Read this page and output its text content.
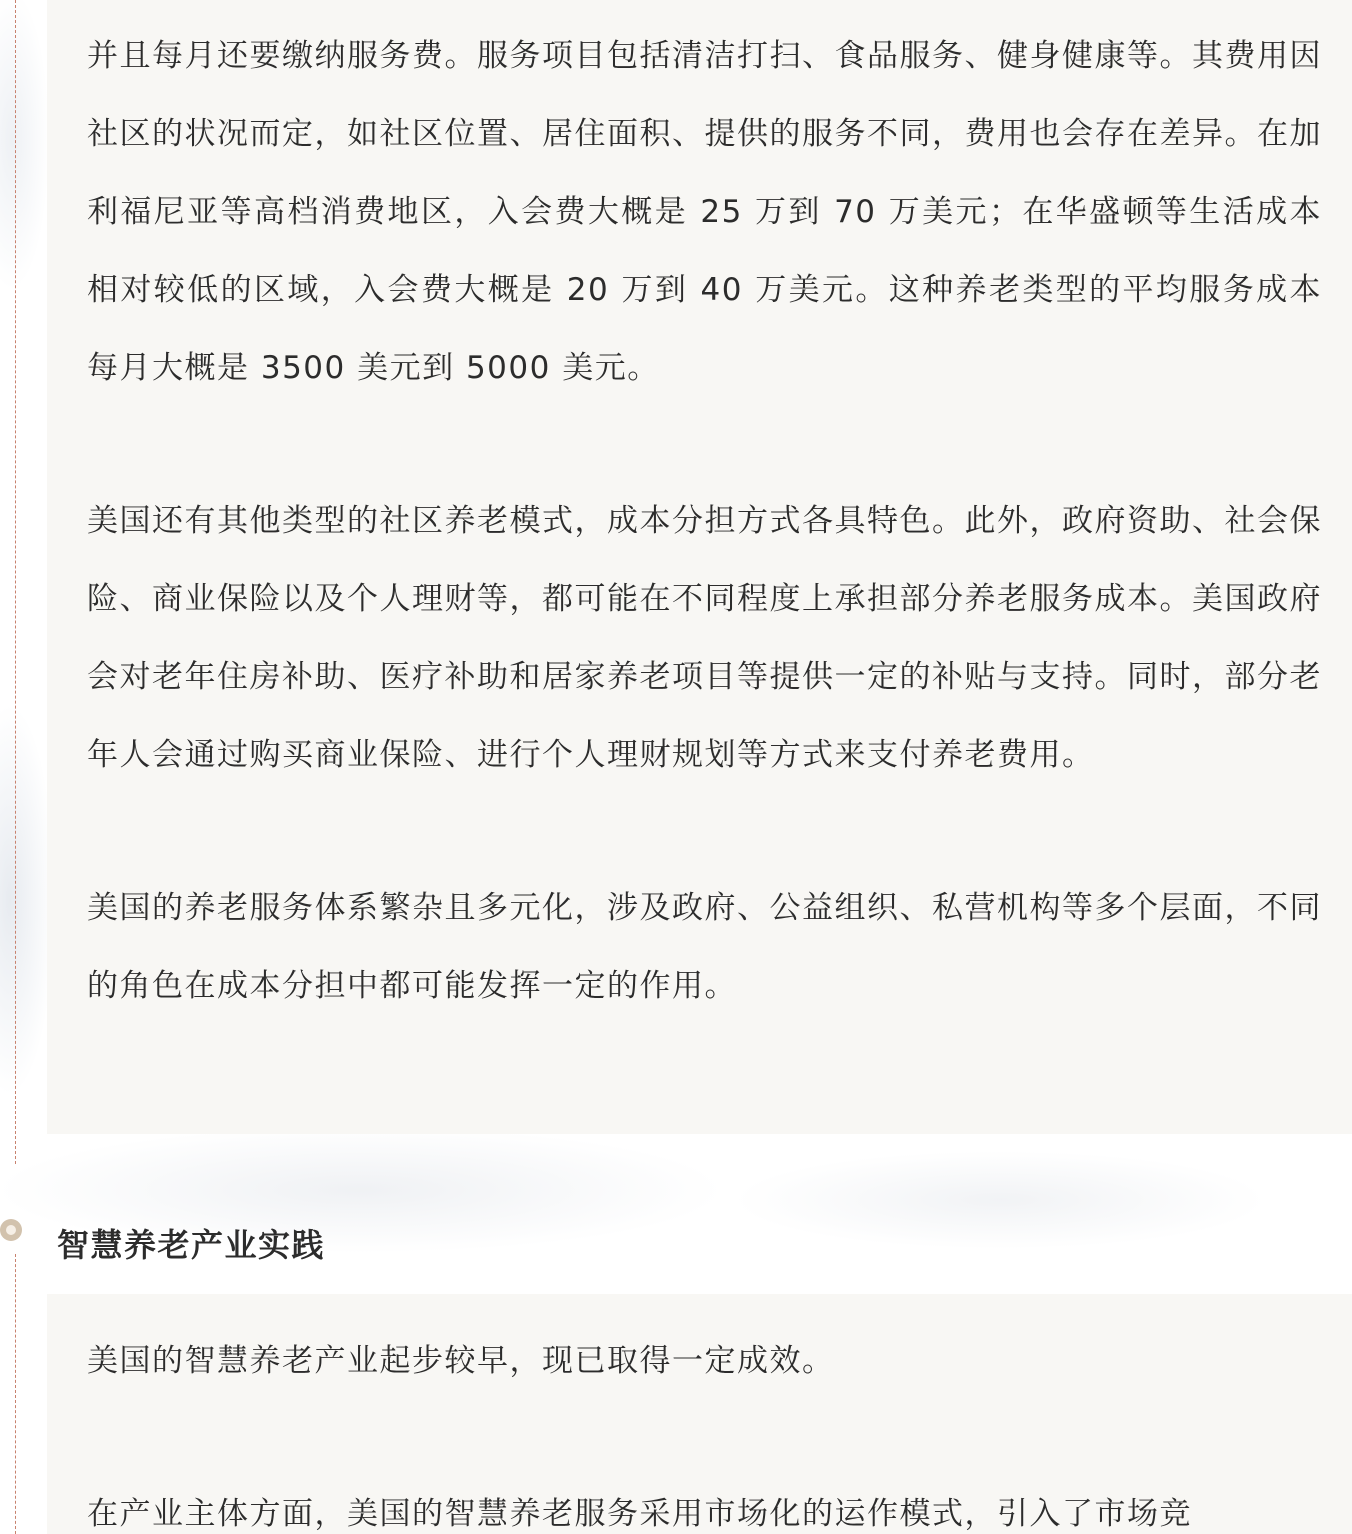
并且每月还要缴纳服务费。服务项目包括清洁打扫、食品服务、健身健康等。其费用因社区的状况而定，如社区位置、居住面积、提供的服务不同，费用也会存在差异。在加利福尼亚等高档消费地区，入会费大概是 25 万到 70 万美元；在华盛顿等生活成本相对较低的区域，入会费大概是 20 万到 40 万美元。这种养老类型的平均服务成本每月大概是 3500 美元到 5000 美元。

美国还有其他类型的社区养老模式，成本分担方式各具特色。此外，政府资助、社会保险、商业保险以及个人理财等，都可能在不同程度上承担部分养老服务成本。美国政府会对老年住房补助、医疗补助和居家养老项目等提供一定的补贴与支持。同时，部分老年人会通过购买商业保险、进行个人理财规划等方式来支付养老费用。

美国的养老服务体系繁杂且多元化，涉及政府、公益组织、私营机构等多个层面，不同的角色在成本分担中都可能发挥一定的作用。

智慧养老产业实践

美国的智慧养老产业起步较早，现已取得一定成效。

在产业主体方面，美国的智慧养老服务采用市场化的运作模式，引入了市场竞
